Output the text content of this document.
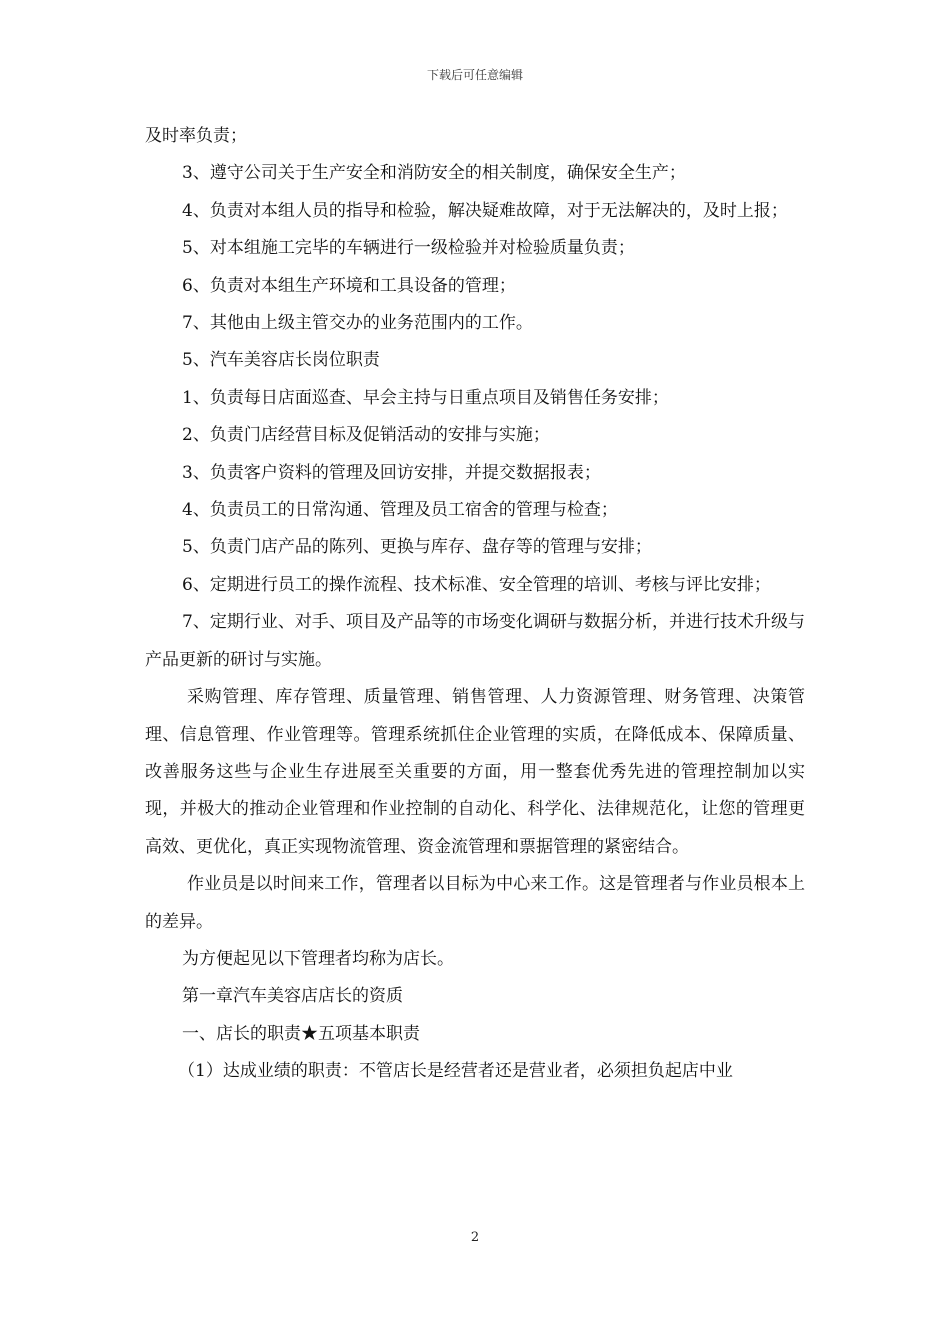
下载后可任意编辑

及时率负责；

3、遵守公司关于生产安全和消防安全的相关制度，确保安全生产；

4、负责对本组人员的指导和检验，解决疑难故障，对于无法解决的，及时上报；

5、对本组施工完毕的车辆进行一级检验并对检验质量负责；

6、负责对本组生产环境和工具设备的管理；

7、其他由上级主管交办的业务范围内的工作。

5、汽车美容店长岗位职责

1、负责每日店面巡查、早会主持与日重点项目及销售任务安排；

2、负责门店经营目标及促销活动的安排与实施；

3、负责客户资料的管理及回访安排，并提交数据报表；

4、负责员工的日常沟通、管理及员工宿舍的管理与检查；

5、负责门店产品的陈列、更换与库存、盘存等的管理与安排；

6、定期进行员工的操作流程、技术标准、安全管理的培训、考核与评比安排；

7、定期行业、对手、项目及产品等的市场变化调研与数据分析，并进行技术升级与产品更新的研讨与实施。

采购管理、库存管理、质量管理、销售管理、人力资源管理、财务管理、决策管理、信息管理、作业管理等。管理系统抓住企业管理的实质，在降低成本、保障质量、改善服务这些与企业生存进展至关重要的方面，用一整套优秀先进的管理控制加以实现，并极大的推动企业管理和作业控制的自动化、科学化、法律规范化，让您的管理更高效、更优化，真正实现物流管理、资金流管理和票据管理的紧密结合。

作业员是以时间来工作，管理者以目标为中心来工作。这是管理者与作业员根本上的差异。

为方便起见以下管理者均称为店长。

第一章汽车美容店店长的资质

一、店长的职责★五项基本职责

（1）达成业绩的职责：不管店长是经营者还是营业者，必须担负起店中业

2
